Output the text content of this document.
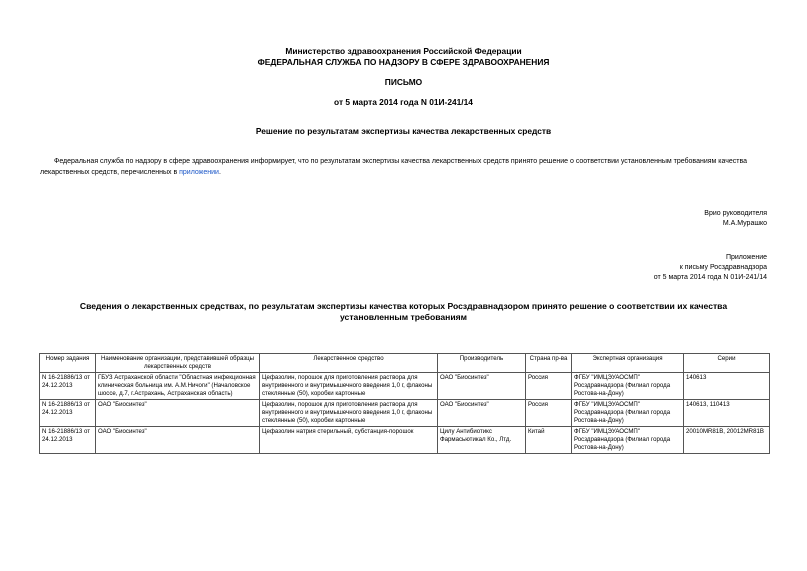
Министерство здравоохранения Российской Федерации
ФЕДЕРАЛЬНАЯ СЛУЖБА ПО НАДЗОРУ В СФЕРЕ ЗДРАВООХРАНЕНИЯ
ПИСЬМО
от 5 марта 2014 года N 01И-241/14
Решение по результатам экспертизы качества лекарственных средств
Федеральная служба по надзору в сфере здравоохранения информирует, что по результатам экспертизы качества лекарственных средств принято решение о соответствии установленным требованиям качества лекарственных средств, перечисленных в приложении.
Врио руководителя
М.А.Мурашко
Приложение
к письму Росздравнадзора
от 5 марта 2014 года N 01И-241/14
Сведения о лекарственных средствах, по результатам экспертизы качества которых Росздравнадзором принято решение о соответствии их качества установленным требованиям
Номер задания	Наименование организации, представившей образцы лекарственных средств	Лекарственное средство	Производитель	Страна пр-ва	Экспертная организация	Серии
N 16-21886/13 от 24.12.2013	ГБУЗ Астраханской области "Областная инфекционная клиническая больница им. А.М.Ничоги" (Началовское шоссе, д.7, г.Астрахань, Астраханская область)	Цефазолин, порошок для приготовления раствора для внутривенного и внутримышечного введения 1,0 г, флаконы стеклянные (50), коробки картонные	ОАО "Биосинтез"	Россия	ФГБУ "ИМЦЭУАОСМП" Росздравнадзора (Филиал города Ростова-на-Дону)	140613
N 16-21886/13 от 24.12.2013	ОАО "Биосинтез"	Цефазолин, порошок для приготовления раствора для внутривенного и внутримышечного введения 1,0 г, флаконы стеклянные (50), коробки картонные	ОАО "Биосинтез"	Россия	ФГБУ "ИМЦЭУАОСМП" Росздравнадзора (Филиал города Ростова-на-Дону)	140613, 110413
N 16-21886/13 от 24.12.2013	ОАО "Биосинтез"	Цефазолин натрия стерильный, субстанция-порошок	Цилу Антибиотикс Фармасьютикал Ко., Лтд.	Китай	ФГБУ "ИМЦЭУАОСМП" Росздравнадзора (Филиал города Ростова-на-Дону)	20010MR81B, 20012MR81B
